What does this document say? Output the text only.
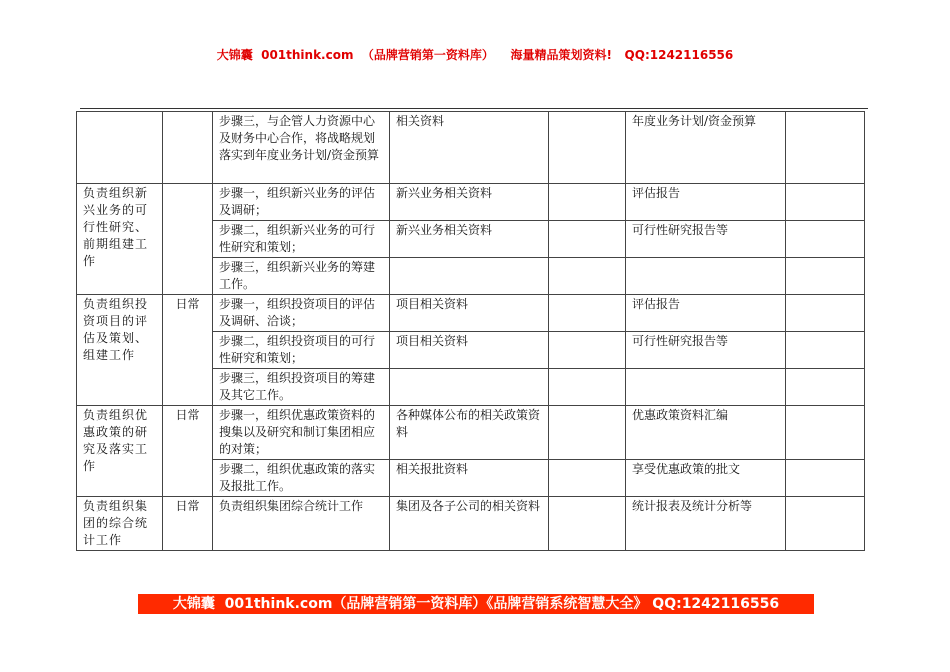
大锦囊  001think.com  （品牌营销第一资料库）    海量精品策划资料!   QQ:1242116556
		步骤三，与企管人力资源中心及财务中心合作，将战略规划落实到年度业务计划/资金预算	相关资料		年度业务计划/资金预算	
负责组织新兴业务的可行性研究、前期组建工作		步骤一，组织新兴业务的评估及调研；	新兴业务相关资料		评估报告	
		步骤二，组织新兴业务的可行性研究和策划；	新兴业务相关资料		可行性研究报告等	
		步骤三，组织新兴业务的筹建工作。				
负责组织投资项目的评估及策划、组建工作	日常	步骤一，组织投资项目的评估及调研、洽谈；	项目相关资料		评估报告	
		步骤二，组织投资项目的可行性研究和策划；	项目相关资料		可行性研究报告等	
		步骤三，组织投资项目的筹建及其它工作。				
负责组织优惠政策的研究及落实工作	日常	步骤一，组织优惠政策资料的搜集以及研究和制订集团相应的对策；	各种媒体公布的相关政策资料		优惠政策资料汇编	
		步骤二，组织优惠政策的落实及报批工作。	相关报批资料		享受优惠政策的批文	
负责组织集团的综合统计工作	日常	负责组织集团综合统计工作	集团及各子公司的相关资料		统计报表及统计分析等	
大锦囊  001think.com（品牌营销第一资料库）《品牌营销系统智慧大全》 QQ:1242116556
